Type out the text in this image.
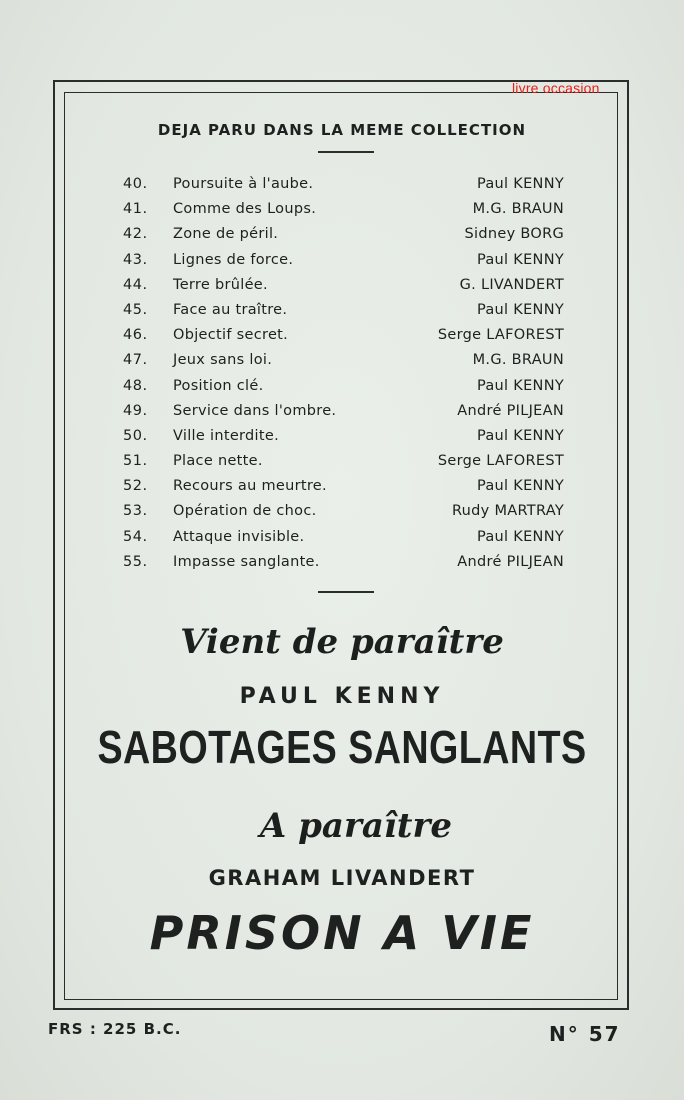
livre occasion
DEJA PARU DANS LA MEME COLLECTION
40. Poursuite à l'aube.	Paul KENNY
41. Comme des Loups.	M.G. BRAUN
42. Zone de péril.	Sidney BORG
43. Lignes de force.	Paul KENNY
44. Terre brûlée.	G. LIVANDERT
45. Face au traître.	Paul KENNY
46. Objectif secret.	Serge LAFOREST
47. Jeux sans loi.	M.G. BRAUN
48. Position clé.	Paul KENNY
49. Service dans l'ombre.	André PILJEAN
50. Ville interdite.	Paul KENNY
51. Place nette.	Serge LAFOREST
52. Recours au meurtre.	Paul KENNY
53. Opération de choc.	Rudy MARTRAY
54. Attaque invisible.	Paul KENNY
55. Impasse sanglante.	André PILJEAN
Vient de paraître
PAUL KENNY
SABOTAGES SANGLANTS
A paraître
GRAHAM LIVANDERT
PRISON A VIE
FRS : 225 B.C.	N° 57
